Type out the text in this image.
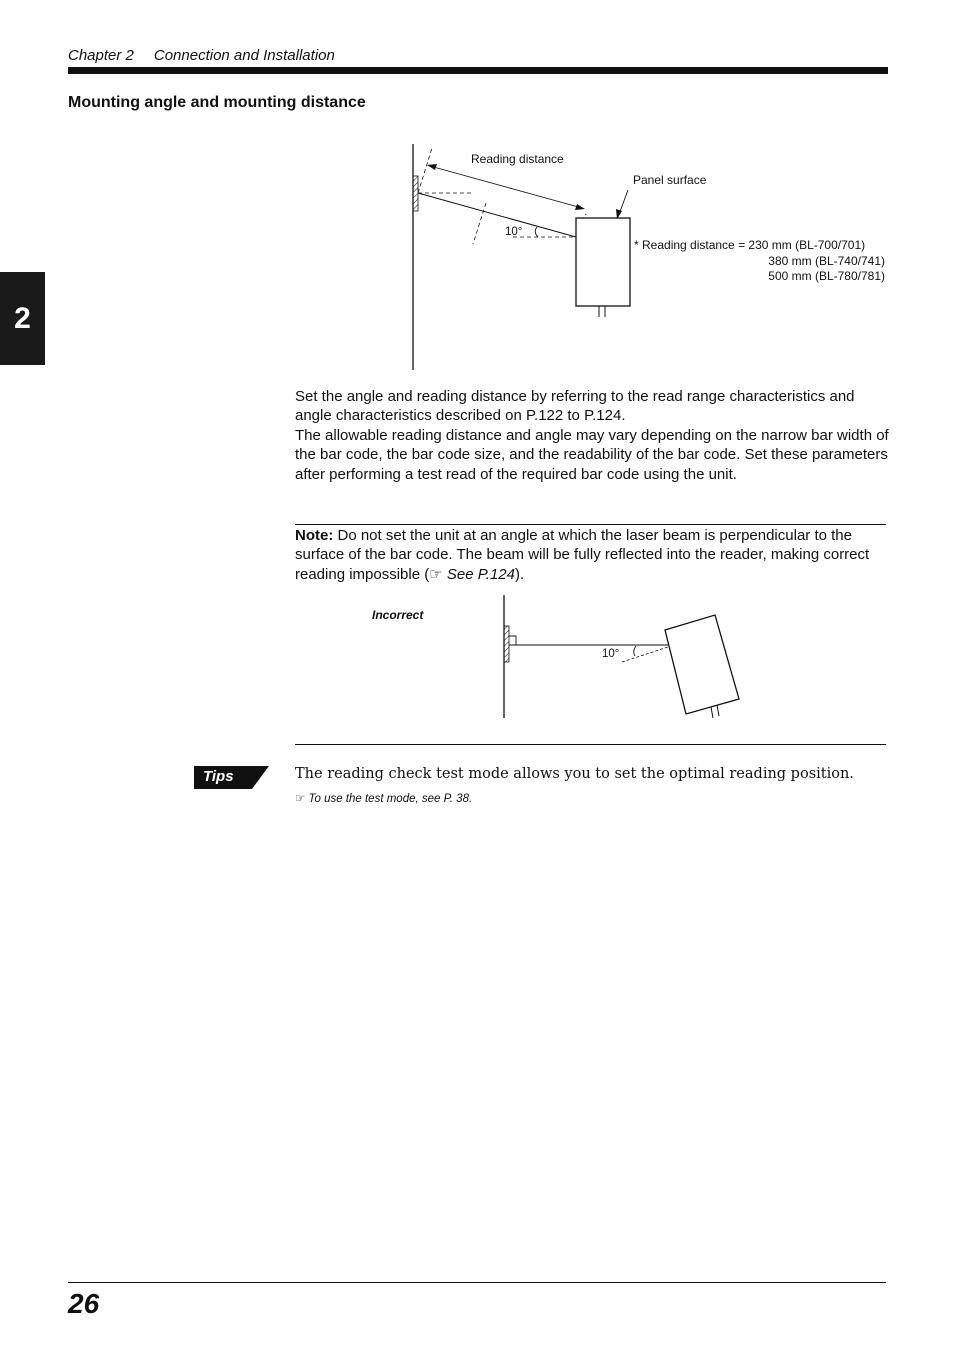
Chapter 2 Connection and Installation
2
Mounting angle and mounting distance
Reading distance
Panel surface
10°
* Reading distance = 230 mm (BL-700/701)
380 mm (BL-740/741)
500 mm (BL-780/781)

Set the angle and reading distance by referring to the read range characteristics and angle characteristics described on P.122 to P.124.

The allowable reading distance and angle may vary depending on the narrow bar width of the bar code, the bar code size, and the readability of the bar code. Set these parameters after performing a test read of the required bar code using the unit.

Note: Do not set the unit at an angle at which the laser beam is perpendicular to the surface of the bar code. The beam will be fully reflected into the reader, making correct reading impossible (☞ See P.124).

Incorrect
10°
Tips	The reading check test mode allows you to set the optimal reading position.
☞ To use the test mode, see P. 38.
26
